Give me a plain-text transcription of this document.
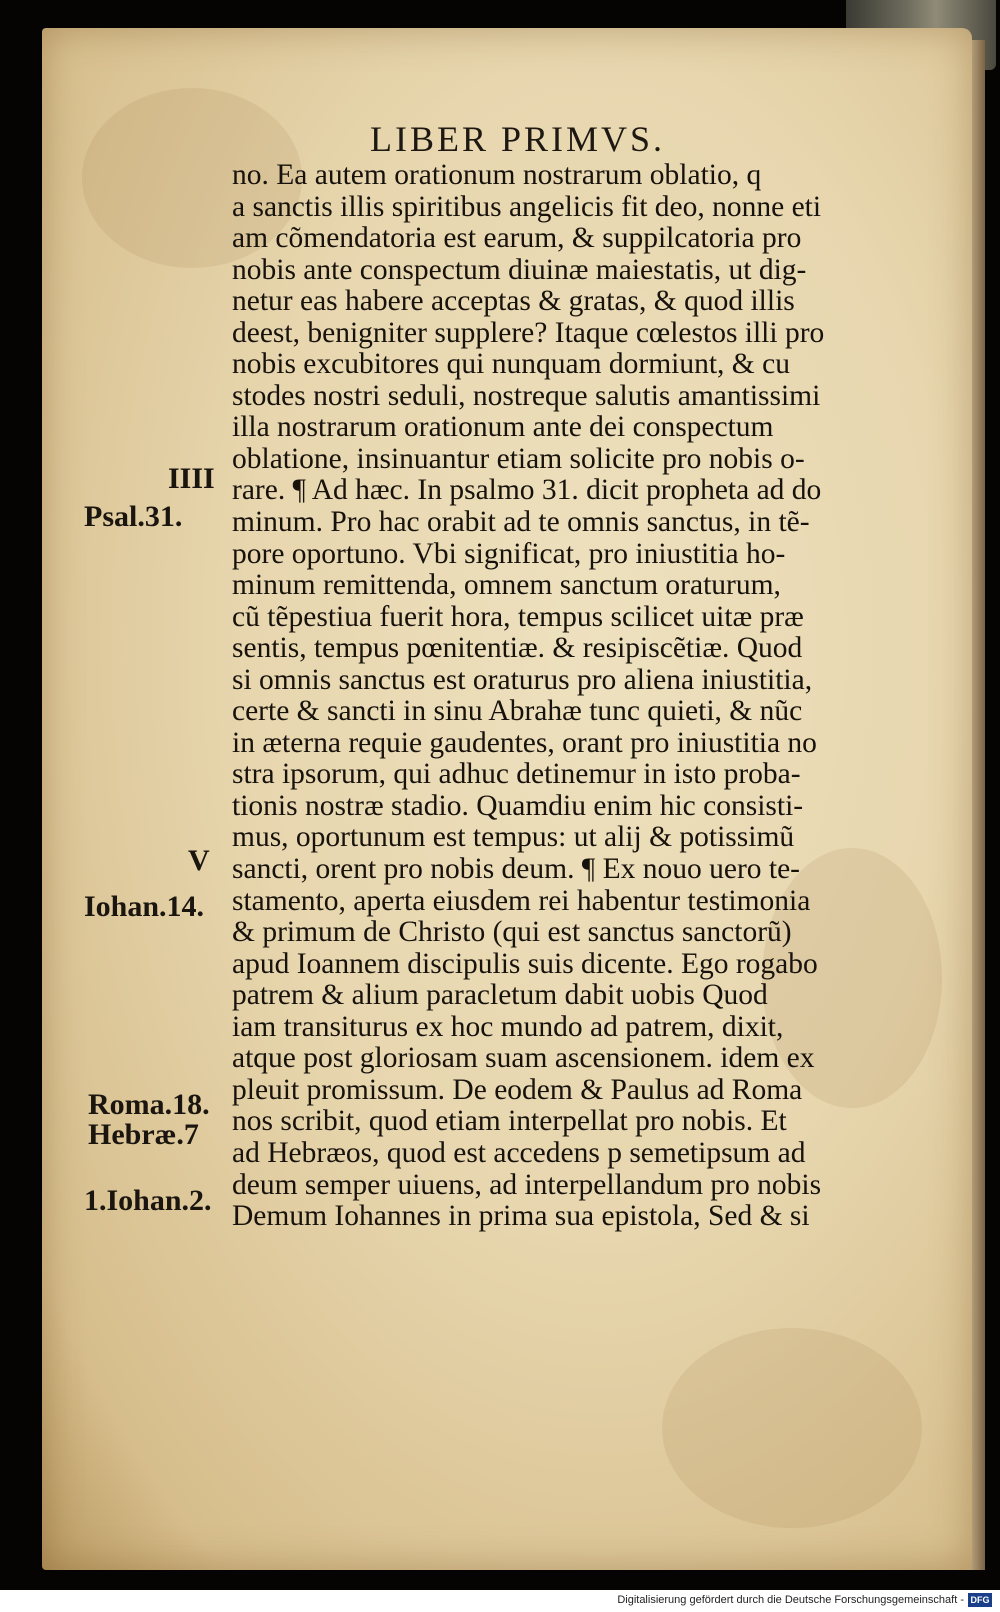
LIBER PRIMVS.
no. Ea autem orationum nostrarum oblatio, q
a sanctis illis spiritibus angelicis fit deo, nonne eti
am cõmendatoria est earum, & suppilcatoria pro
nobis ante conspectum diuinæ maiestatis, ut dig-
netur eas habere acceptas & gratas, & quod illis
deest, benigniter supplere? Itaque cœlestos illi pro
nobis excubitores qui nunquam dormiunt, & cu
stodes nostri seduli, nostreque salutis amantissimi
illa nostrarum orationum ante dei conspectum
oblatione, insinuantur etiam solicite pro nobis o-
rare. ¶ Ad hæc. In psalmo 31. dicit propheta ad do
minum. Pro hac orabit ad te omnis sanctus, in tẽ-
pore oportuno. Vbi significat, pro iniustitia ho-
minum remittenda, omnem sanctum oraturum,
cũ tẽpestiua fuerit hora, tempus scilicet uitæ præ
sentis, tempus pœnitentiæ. & resipiscẽtiæ. Quod
si omnis sanctus est oraturus pro aliena iniustitia,
certe & sancti in sinu Abrahæ tunc quieti, & nũc
in æterna requie gaudentes, orant pro iniustitia no
stra ipsorum, qui adhuc detinemur in isto proba-
tionis nostræ stadio. Quamdiu enim hic consisti-
mus, oportunum est tempus: ut alij & potissimũ
sancti, orent pro nobis deum. ¶ Ex nouo uero te-
stamento, aperta eiusdem rei habentur testimonia
& primum de Christo (qui est sanctus sanctorũ)
apud Ioannem discipulis suis dicente. Ego rogabo
patrem & alium paracletum dabit uobis Quod
iam transiturus ex hoc mundo ad patrem, dixit,
atque post gloriosam suam ascensionem. idem ex
pleuit promissum. De eodem & Paulus ad Roma
nos scribit, quod etiam interpellat pro nobis. Et
ad Hebræos, quod est accedens p semetipsum ad
deum semper uiuens, ad interpellandum pro nobis
Demum Iohannes in prima sua epistola, Sed & si
IIII
Psal.31.
V
Iohan.14.
Roma.18.
Hebræ.7
1.Iohan.2.
Digitalisierung gefördert durch die Deutsche Forschungsgemeinschaft - DFG
